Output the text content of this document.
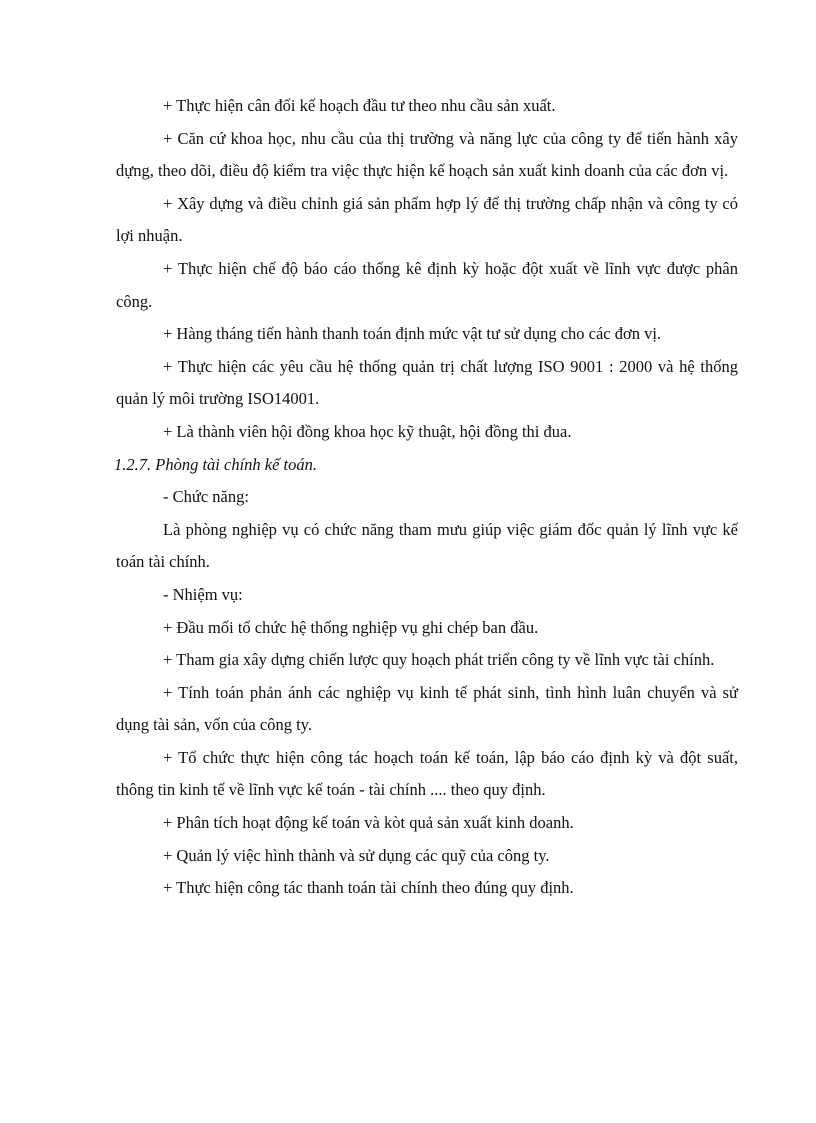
+ Thực hiện cân đối kế hoạch đầu tư theo nhu cầu sản xuất.

+ Căn cứ khoa học, nhu cầu của thị trường và năng lực của công ty để tiến hành xây dựng, theo dõi, điều độ kiểm tra việc thực hiện kế hoạch sản xuất kinh doanh của các đơn vị.

+ Xây dựng và điều chỉnh giá sản phẩm hợp lý để thị trường chấp nhận và công ty có lợi nhuận.

+ Thực hiện chế độ báo cáo thống kê định kỳ hoặc đột xuất về lĩnh vực được phân công.

+ Hàng tháng tiến hành thanh toán định mức vật tư sử dụng cho các đơn vị.

+ Thực hiện các yêu cầu hệ thống quản trị chất lượng ISO 9001 : 2000 và hệ thống quản lý môi trường ISO14001.

+ Là thành viên hội đồng khoa học kỹ thuật, hội đồng thi đua.

1.2.7. Phòng tài chính kế toán.

- Chức năng:

Là phòng nghiệp vụ có chức năng tham mưu giúp việc giám đốc quản lý lĩnh vực kế toán tài chính.

- Nhiệm vụ:

+ Đầu mối tổ chức hệ thống nghiệp vụ ghi chép ban đầu.

+ Tham gia xây dựng chiến lược quy hoạch phát triển công ty về lĩnh vực tài chính.

+ Tính toán phản ánh các nghiệp vụ kinh tế phát sinh, tình hình luân chuyển và sử dụng tài sản, vốn của công ty.

+ Tổ chức thực hiện công tác hoạch toán kế toán, lập báo cáo định kỳ và đột suất, thông tin kinh tế về lĩnh vực kế toán - tài chính .... theo quy định.

+ Phân tích hoạt động kế toán và kòt quả sản xuất kinh doanh.

+ Quản lý việc hình thành và sử dụng các quỹ của công ty.

+ Thực hiện công tác thanh toán tài chính theo đúng quy định.
